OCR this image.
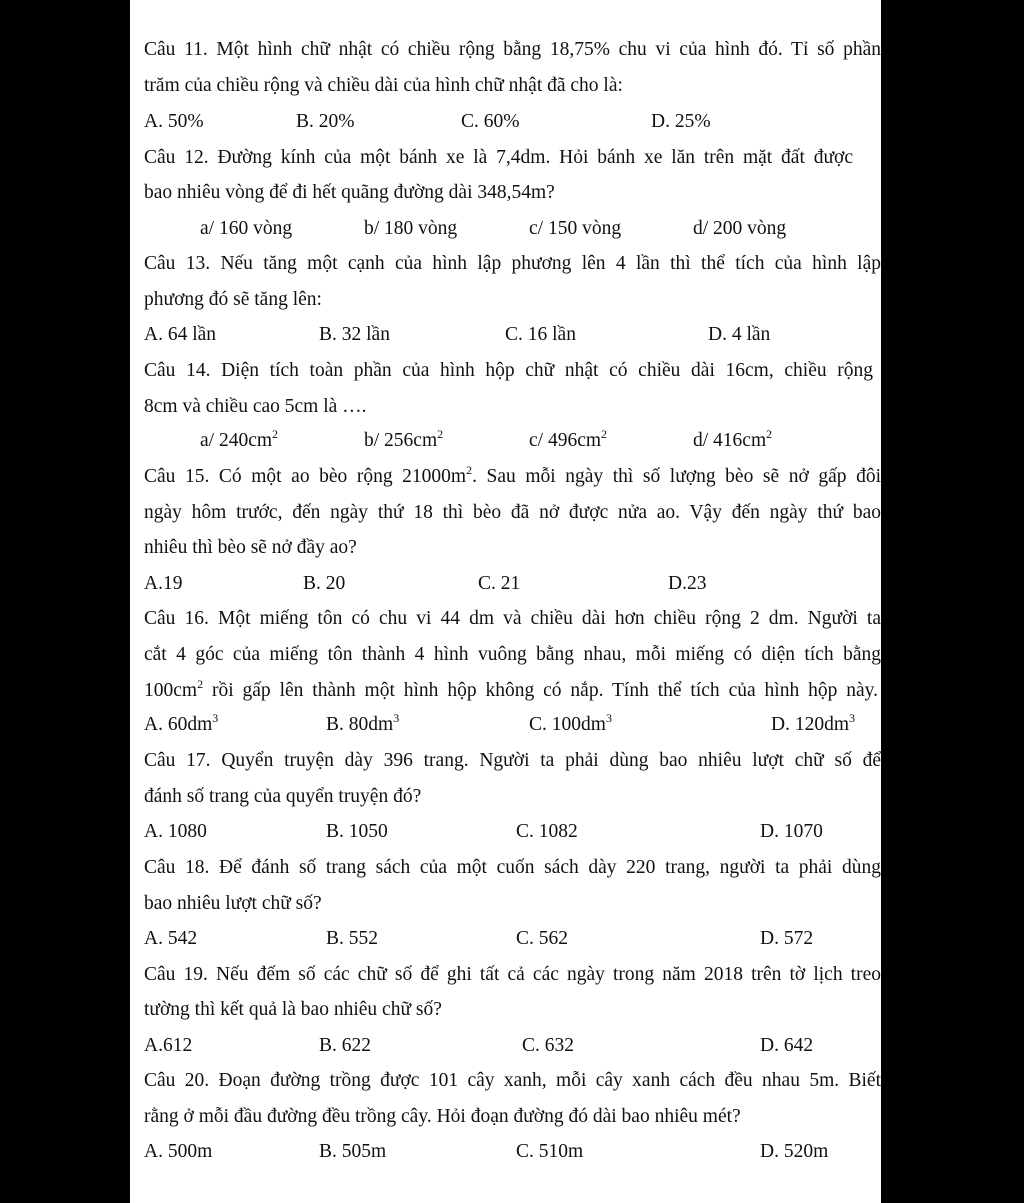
Câu 11. Một hình chữ nhật có chiều rộng bằng 18,75% chu vi của hình đó. Tỉ số phần
trăm của chiều rộng và chiều dài của hình chữ nhật đã cho là:
A. 50%	B. 20%	C. 60%	D. 25%
Câu 12. Đường kính của một bánh xe là 7,4dm. Hỏi bánh xe lăn trên mặt đất được
bao nhiêu vòng để đi hết quãng đường dài 348,54m?
a/ 160 vòng	b/ 180 vòng	c/ 150 vòng	d/ 200 vòng
Câu 13. Nếu tăng một cạnh của hình lập phương lên 4 lần thì thể tích của hình lập
phương đó sẽ tăng lên:
A. 64 lần	B. 32 lần	C. 16 lần	D. 4 lần
Câu 14. Diện tích toàn phần của hình hộp chữ nhật có chiều dài 16cm, chiều rộng
8cm và chiều cao 5cm là ….
a/ $240cm^2$	b/ $256cm^2$	c/ $496cm^2$	d/ $416cm^2$
Câu 15. Có một ao bèo rộng $21000m^2$. Sau mỗi ngày thì số lượng bèo sẽ nở gấp đôi
ngày hôm trước, đến ngày thứ 18 thì bèo đã nở được nửa ao. Vậy đến ngày thứ bao
nhiêu thì bèo sẽ nở đầy ao?
A.19	B. 20	C. 21	D.23
Câu 16. Một miếng tôn có chu vi 44 dm và chiều dài hơn chiều rộng 2 dm. Người ta
cắt 4 góc của miếng tôn thành 4 hình vuông bằng nhau, mỗi miếng có diện tích bằng
$100cm^2$ rồi gấp lên thành một hình hộp không có nắp. Tính thể tích của hình hộp này.
A. $60dm^3$	B. $80dm^3$	C. $100dm^3$	D. $120dm^3$
Câu 17. Quyển truyện dày 396 trang. Người ta phải dùng bao nhiêu lượt chữ số để
đánh số trang của quyển truyện đó?
A. 1080	B. 1050	C. 1082	D. 1070
Câu 18. Để đánh số trang sách của một cuốn sách dày 220 trang, người ta phải dùng
bao nhiêu lượt chữ số?
A. 542	B. 552	C. 562	D. 572
Câu 19. Nếu đếm số các chữ số để ghi tất cả các ngày trong năm 2018 trên tờ lịch treo
tường thì kết quả là bao nhiêu chữ số?
A.612	B. 622	C. 632	D. 642
Câu 20. Đoạn đường trồng được 101 cây xanh, mỗi cây xanh cách đều nhau 5m. Biết
rằng ở mỗi đầu đường đều trồng cây. Hỏi đoạn đường đó dài bao nhiêu mét?
A. 500m	B. 505m	C. 510m	D. 520m
